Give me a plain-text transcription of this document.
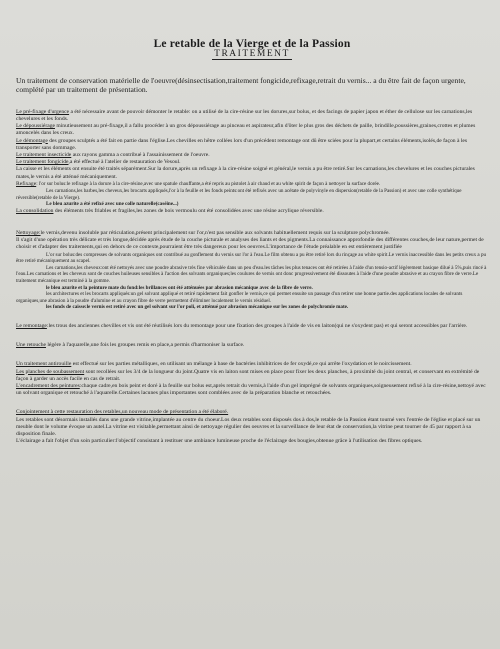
Le retable de la Vierge et de la Passion
TRAITEMENT

Un traitement de conservation matérielle de l'oeuvre(désinsectisation,traitement fongicide,refixage,retrait du vernis... a du être fait de façon urgente, complété par un traitement de présentation.

Le pré-fixage d'urgence a été nécessaire avant de pouvoir démonter le retable: on a utilisé de la cire-résine sur les dorures,sur bolus, et des facings de papier japon et éther de cellulose sur les carnations,les chevelures et les fonds.

Le dépoussiérage minutieusement au pré-fixage,il a fallu procéder à un gros dépoussiérage au pinceau et aspirateur,afin d'ôter le plus gros des déchets de paille, brindille,poussières,graines,crottes et plumes amoncelés dans les creux.

Le démontage des groupes sculptés a été fait en partie dans l'église.Les chevilles en hêtre collées lors d'un précédent remontage ont dû être sciées pour la plupart,et certains éléments,isolés,de façon à les transporter sans dommage.

Le traitement insecticide aux rayons gamma a contribué à l'assainissement de l'oeuvre.

Le traitement fongicide,a été effectué à l'atelier de restauration de Vesoul.

La caisse et les éléments ont ensuite été traités séparément.Sur la dorure,après un refixage à la cire-résine soigné et général,le vernis a pu être retiré.Sur les carnations,les chevelures et les couches picturales mates,le vernis a été atténué mécaniquement.

Refixage: l'or sur bolus:le refixage à la dorure à la cire-résine,avec une spatule chauffante,a été repris au pistolet à air chaud et au white spirit de façon à nettoyer la surface dorée.

Les carnations,les barbes,les cheveux,les brocarts appliqués,l'or à la feuille et les fonds peints:ont été refixés avec un acétate de polyvinyle en dispersion(retable de la Passion) et avec une colle synthétique réversible(retable de la Vierge).

Le bleu azurite a été refixé avec une colle naturelle(caséine...)

La consolidation des éléments très friables et fragiles,les zones de bois vermoulu ont été consolidées avec une résine acrylique réversible.

Nettoyage:le vernis,devenu insoluble par réticulation,présent principalement sur l'or,n'est pas sensible aux solvants habituellement requis sur la sculpture polychromée.

Il s'agit d'une opération très délicate et très longue,décidée après étude de la couche picturale et analyses des liants et des pigments.La connaissance approfondie des différentes couches,de leur nature,permet de choisir et d'adapter des traitements,qui en dehors de ce contexte,pourraient être très dangereux pour les oeuvres.L'importance de l'étude préalable en est entièrement justifiée

L'or sur bolus:des compresses de solvants organiques ont contribué au gonflement du vernis sur l'or à l'eau.Le film obtenu a pu être retiré lors du rinçage au white spirit.Le vernis inaccessible dans les petits creux a pu être retiré mécaniquement au scapel.

Les carnations,les cheveux:ont été nettoyés avec une poudre abrasive très fine véhiculée dans un peu d'eau.les tâches les plus tenaces ont été retirées à l'aide d'un tensio-actif légèrement basique dilué à 5%,puis rincé à l'eau.Les carnations et les cheveux sont de couches huileuses sensibles à l'action des solvants organiques;les coulures de vernis ont donc progressivement été dissoutes à l'aide d'une poudre abrasive et au crayon fibre de verre.Le traitement mécanique est terminé à la gomme.

le bleu azurite et la peinture mate du fond:les brillances ont été atténuées par abrasion mécanique avec de la fibre de verre.

les architectures et les brocarts appliqués:un gel solvant appliqué et retiré rapidement fait gonfler le vernis,ce qui permet ensuite un passage d'un retirer une bonne partie.des applications locales de solvants organiques,une abrasion à la poudre d'alumine et au crayon fibre de verre permettent d'éliminer localement le vernis résiduel.

les fonds de caisse:le vernis est retiré avec un gel solvant sur l'or poli, et atténué par abrasion mécanique sur les zones de polychromie mate.

Le remontage:les trous des anciennes chevilles et vis ont été réutilisés lors du remontage pour une fixation des groupes à l'aide de vis en laiton(qui ne s'oxydent pas) et qui seront accessibles par l'arrière.

Une retouche légère à l'aquarelle,une fois les groupes remis en place,a permis d'harmoniser la surface.

Un traitement antirouille est effectué sur les parties métalliques, en utilisant un mélange à base de bactéries inhibitrices de fer oxydé,ce qui arrête l'oxydation et le noircissement.

Les planches de soubassement sont recollées sur les 3/4 de la longueur du joint.Quatre vis en laiton sont mises en place pour fixer les deux planches, à proximité du joint central, et conservant en extrémité de façon à garder un accès facile en cas de retrait.

L'encadrement des peintures:chaque cadre,en bois peint et doré à la feuille sur bolus est,après retrait du vernis,à l'aide d'un gel imprégné de solvants organiques,soigneusement refixé à la cire-résine,nettoyé avec un solvant organique et retouché à l'aquarelle.Certaines lacunes plus importantes sont comblées avec de la préparation blanche et retouchées.

Conjointement à cette restauration des retables,un nouveau mode de présentation a été élaboré.

Les retables sont désormais installés dans une grande vitrine,implantée au centre du choeur.Los deux retables sont disposés dos à dos,le retable de la Passion étant tourné vers l'entrée de l'église et placé sur un meuble dont le volume évoque un autel.La vitrine est visitable,permettant ainsi de nettoyage régulier des oeuvres et la surveillance de leur état de conservation,la vitrine peut tourner de 45 par rapport à sa disposition finale.

L'éclairage a fait l'objet d'un soin particulier:l'objectif consistant à restituer une ambiance lumineuse proche de l'éclairage des bougies,obtenue grâce à l'utilisation des fibres optiques.
